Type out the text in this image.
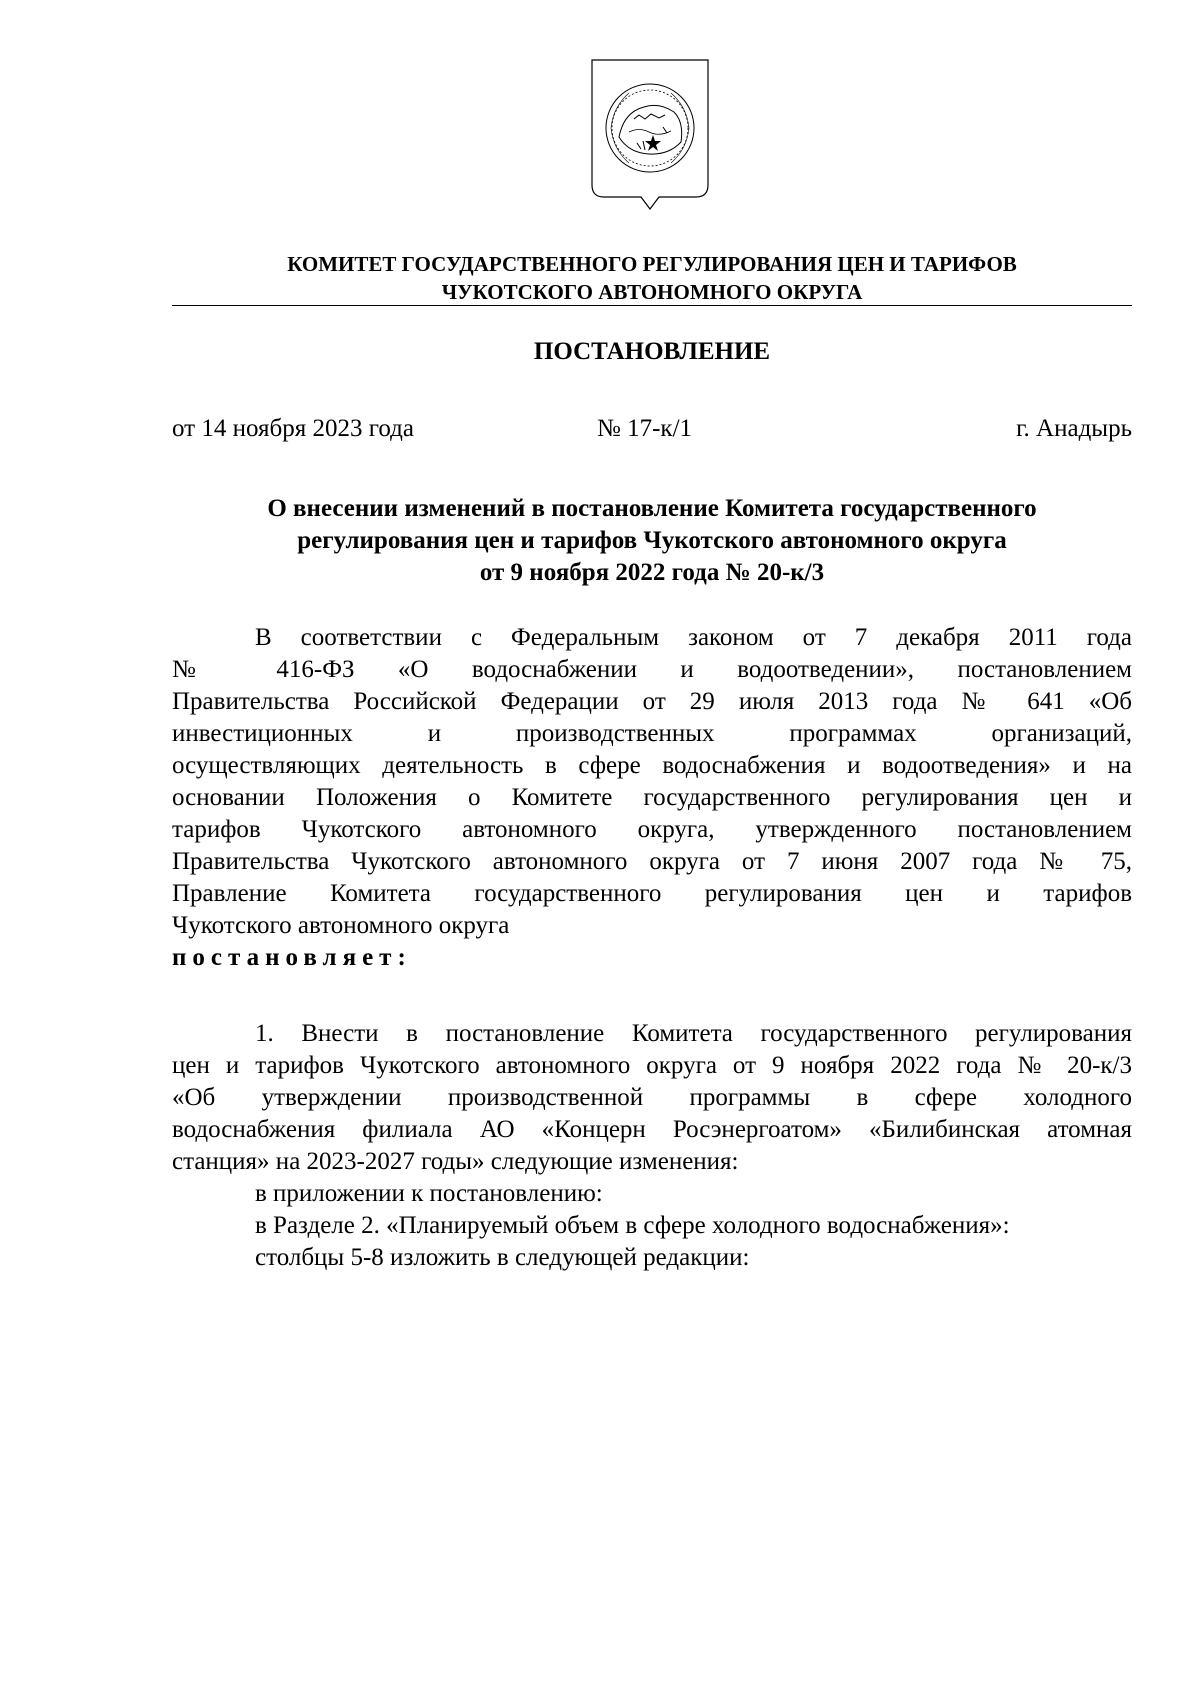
КОМИТЕТ ГОСУДАРСТВЕННОГО РЕГУЛИРОВАНИЯ ЦЕН И ТАРИФОВ
ЧУКОТСКОГО АВТОНОМНОГО ОКРУГА
ПОСТАНОВЛЕНИЕ
от 14 ноября 2023 года	№ 17-к/1	г. Анадырь
О внесении изменений в постановление Комитета государственного
регулирования цен и тарифов Чукотского автономного округа
от 9 ноября 2022 года № 20-к/3
В соответствии с Федеральным законом от 7 декабря 2011 года
№ 416-ФЗ «О водоснабжении и водоотведении», постановлением
Правительства Российской Федерации от 29 июля 2013 года № 641 «Об
инвестиционных и производственных программах организаций,
осуществляющих деятельность в сфере водоснабжения и водоотведения» и на
основании Положения о Комитете государственного регулирования цен и
тарифов Чукотского автономного округа, утвержденного постановлением
Правительства Чукотского автономного округа от 7 июня 2007 года № 75,
Правление Комитета государственного регулирования цен и тарифов
Чукотского автономного округа
постановляет:
1. Внести в постановление Комитета государственного регулирования
цен и тарифов Чукотского автономного округа от 9 ноября 2022 года № 20-к/3
«Об утверждении производственной программы в сфере холодного
водоснабжения филиала АО «Концерн Росэнергоатом» «Билибинская атомная
станция» на 2023-2027 годы» следующие изменения:
в приложении к постановлению:
в Разделе 2. «Планируемый объем в сфере холодного водоснабжения»:
столбцы 5-8 изложить в следующей редакции:
